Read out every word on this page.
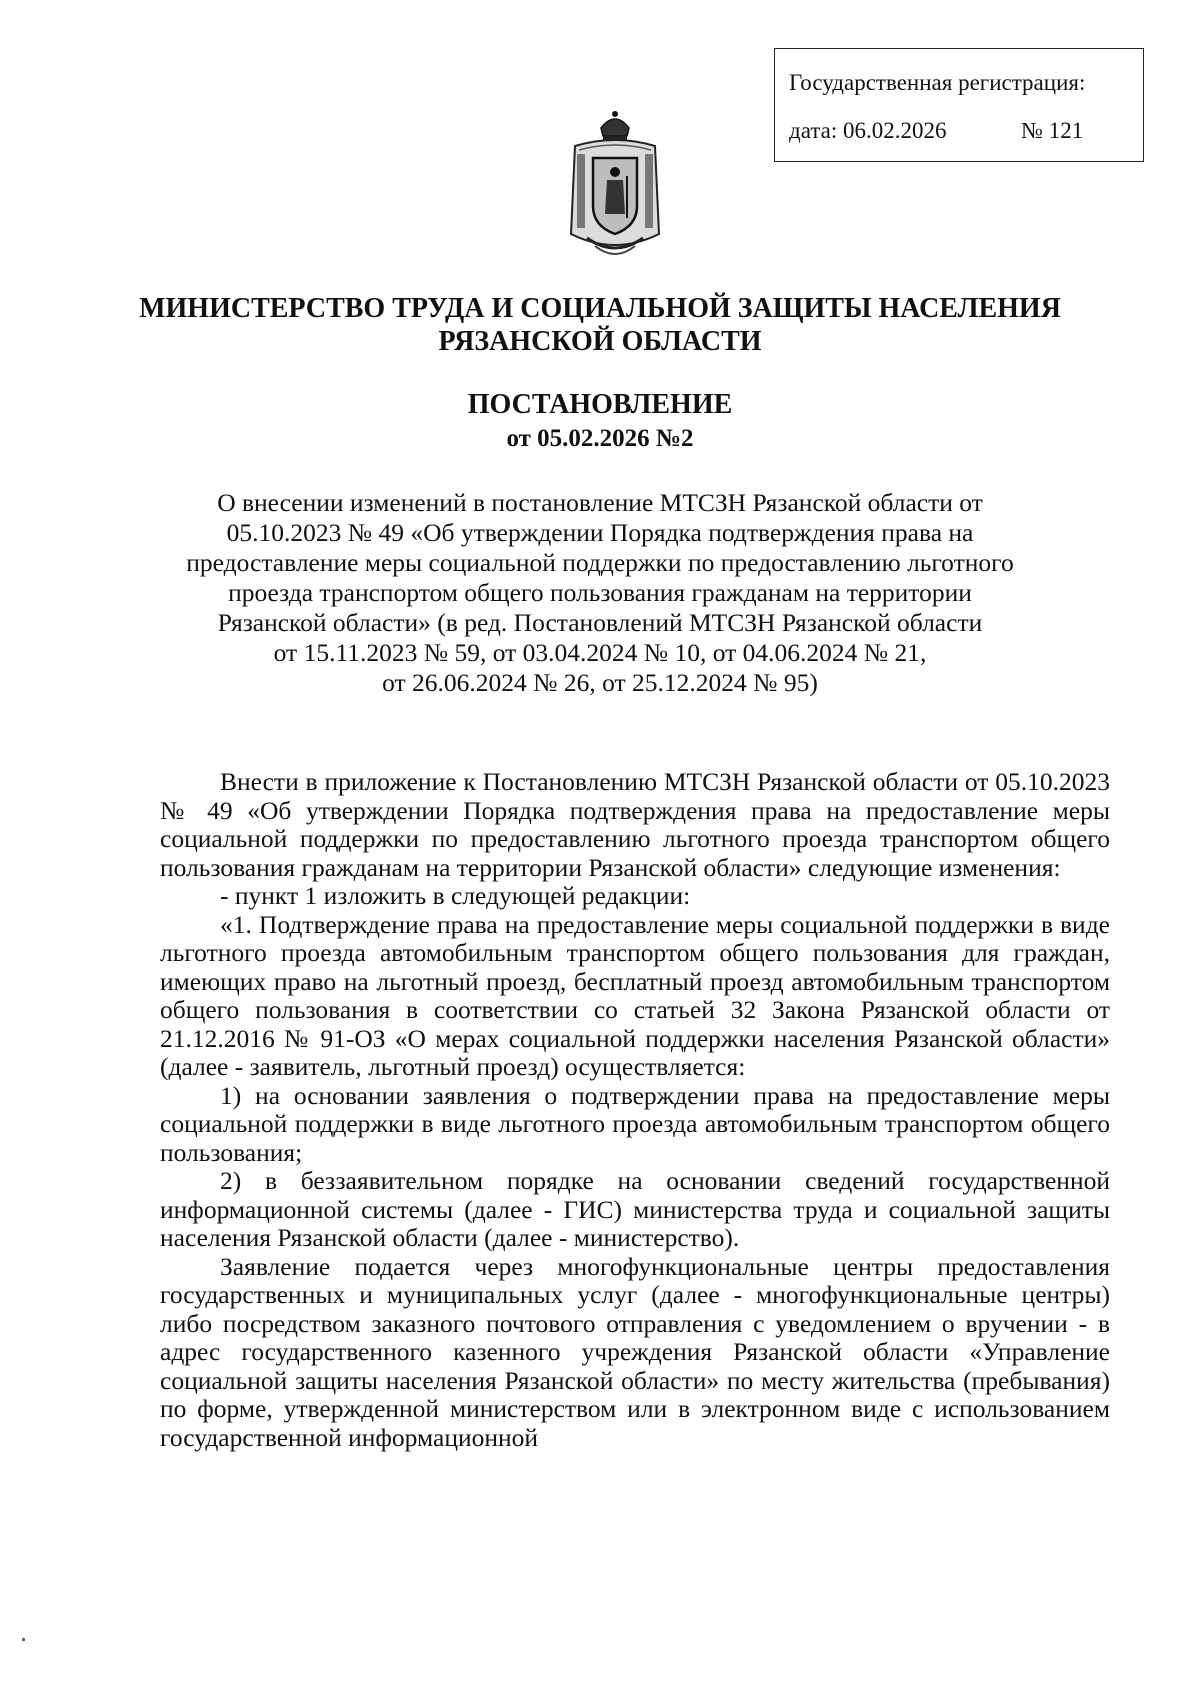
Государственная регистрация:
дата: 06.02.2026	№ 121
МИНИСТЕРСТВО ТРУДА И СОЦИАЛЬНОЙ ЗАЩИТЫ НАСЕЛЕНИЯ
РЯЗАНСКОЙ ОБЛАСТИ
ПОСТАНОВЛЕНИЕ
от 05.02.2026 №2
О внесении изменений в постановление МТСЗН Рязанской области от
05.10.2023 № 49 «Об утверждении Порядка подтверждения права на
предоставление меры социальной поддержки по предоставлению льготного
проезда транспортом общего пользования гражданам на территории
Рязанской области» (в ред. Постановлений МТСЗН Рязанской области
от 15.11.2023 № 59, от 03.04.2024 № 10, от 04.06.2024 № 21,
от 26.06.2024 № 26, от 25.12.2024 № 95)

Внести в приложение к Постановлению МТСЗН Рязанской области от 05.10.2023 № 49 «Об утверждении Порядка подтверждения права на предоставление меры социальной поддержки по предоставлению льготного проезда транспортом общего пользования гражданам на территории Рязанской области» следующие изменения:

- пункт 1 изложить в следующей редакции:

«1. Подтверждение права на предоставление меры социальной поддержки в виде льготного проезда автомобильным транспортом общего пользования для граждан, имеющих право на льготный проезд, бесплатный проезд автомобильным транспортом общего пользования в соответствии со статьей 32 Закона Рязанской области от 21.12.2016 № 91-ОЗ «О мерах социальной поддержки населения Рязанской области» (далее - заявитель, льготный проезд) осуществляется:

1) на основании заявления о подтверждении права на предоставление меры социальной поддержки в виде льготного проезда автомобильным транспортом общего пользования;

2) в беззаявительном порядке на основании сведений государственной информационной системы (далее - ГИС) министерства труда и социальной защиты населения Рязанской области (далее - министерство).

Заявление подается через многофункциональные центры предоставления государственных и муниципальных услуг (далее - многофункциональные центры) либо посредством заказного почтового отправления с уведомлением о вручении - в адрес государственного казенного учреждения Рязанской области «Управление социальной защиты населения Рязанской области» по месту жительства (пребывания) по форме, утвержденной министерством или в электронном виде с использованием государственной информационной
